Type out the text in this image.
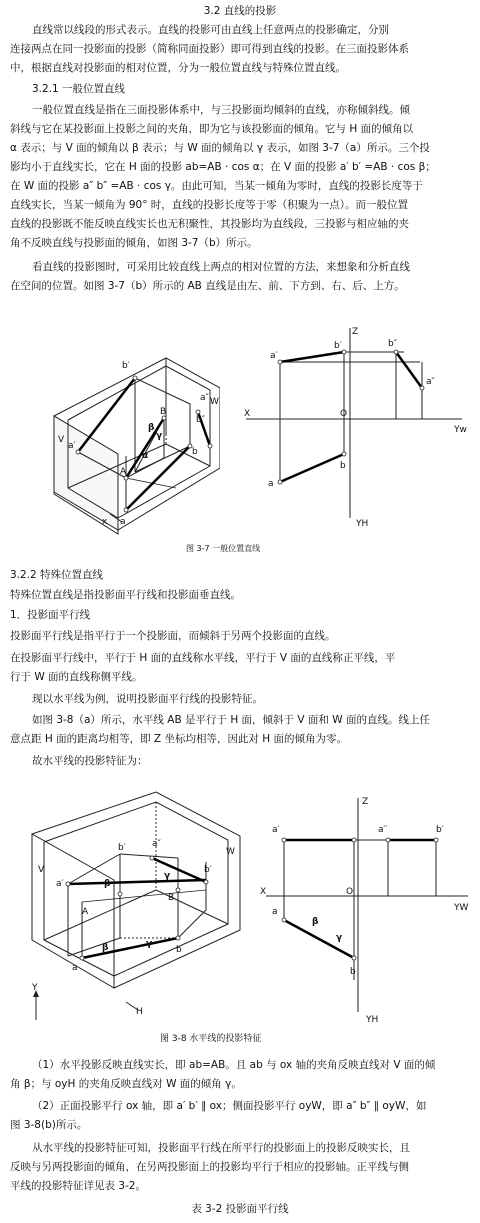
3.2 直线的投影
直线常以线段的形式表示。直线的投影可由直线上任意两点的投影确定，分别
连接两点在同一投影面的投影（简称同面投影）即可得到直线的投影。在三面投影体系
中，根据直线对投影面的相对位置，分为一般位置直线与特殊位置直线。
3.2.1 一般位置直线
一般位置直线是指在三面投影体系中，与三投影面均倾斜的直线，亦称倾斜线。倾
斜线与它在某投影面上投影之间的夹角，即为它与该投影面的倾角。它与 H 面的倾角以
α 表示；与 V 面的倾角以 β 表示；与 W 面的倾角以 γ 表示，如图 3-7（a）所示。三个投
影均小于直线实长，它在 H 面的投影 ab=AB · cos α；在 V 面的投影 a′ b′ =AB · cos β；
在 W 面的投影 a″ b″ =AB · cos γ。由此可知，当某一倾角为零时，直线的投影长度等于
直线实长，当某一倾角为 90° 时，直线的投影长度等于零（积聚为一点）。而一般位置
直线的投影既不能反映直线实长也无积聚性，其投影均为直线段，三投影与相应轴的夹
角不反映直线与投影面的倾角，如图 3-7（b）所示。
看直线的投影图时，可采用比较直线上两点的相对位置的方法，来想象和分析直线
在空间的位置。如图 3-7（b）所示的 AB 直线是由左、前、下方到、右、后、上方。
V
W
b′
b″
a′
a″
B
A
b
a
x
β
γ
α
Z
X	O
Yw
YH
b′	b″
a′
a″
b
a
图 3-7 一般位置直线
3.2.2 特殊位置直线
特殊位置直线是指投影面平行线和投影面垂直线。
1．投影面平行线
投影面平行线是指平行于一个投影面，而倾斜于另两个投影面的直线。
在投影面平行线中，平行于 H 面的直线称水平线，平行于 V 面的直线称正平线，平
行于 W 面的直线称侧平线。
现以水平线为例，说明投影面平行线的投影特征。
如图 3-8（a）所示，水平线 AB 是平行于 H 面，倾斜于 V 面和 W 面的直线。线上任
意点距 H 面的距离均相等，即 Z 坐标均相等，因此对 H 面的倾角为零。
故水平线的投影特征为：
V
W
a′
b′	a″
b′
A
B
a
b
β
γ
β	γ
Y
H
Z
X	O
YW
YH
a′	a′′	b′
a
b
β
γ
图 3-8 水平线的投影特征
（1）水平投影反映直线实长，即 ab=AB。且 ab 与 ox 轴的夹角反映直线对 V 面的倾
角 β；与 oyH 的夹角反映直线对 W 面的倾角 γ。
（2）正面投影平行 ox 轴，即 a′ b′ ∥ ox；侧面投影平行 oyW，即 a″ b″ ∥ oyW，如
图 3-8(b)所示。
从水平线的投影特征可知，投影面平行线在所平行的投影面上的投影反映实长，且
反映与另两投影面的倾角，在另两投影面上的投影均平行于相应的投影轴。正平线与侧
平线的投影特征详见表 3-2。
表 3-2 投影面平行线
